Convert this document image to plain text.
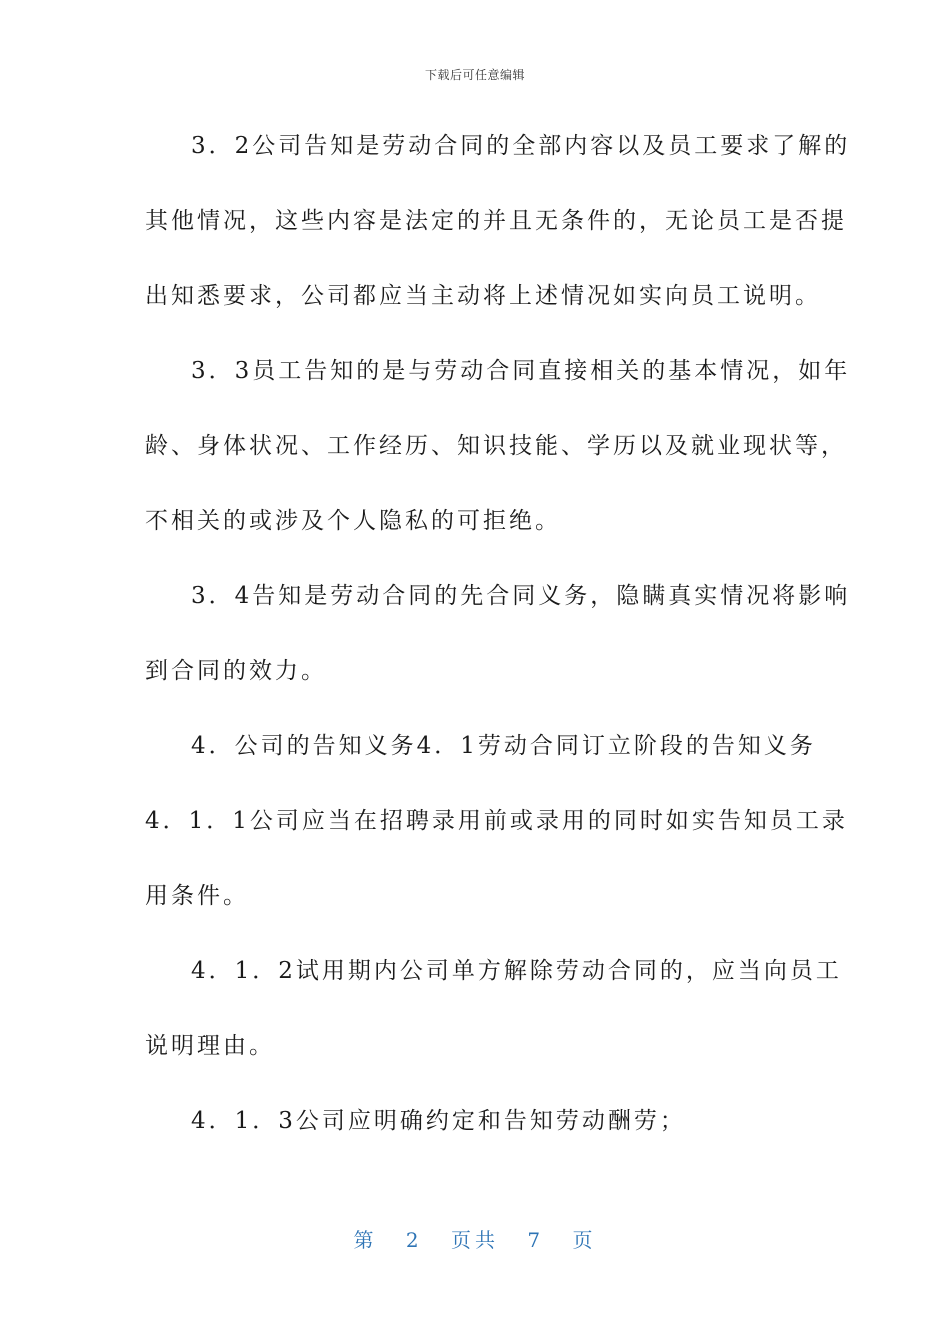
下载后可任意编辑
3．2公司告知是劳动合同的全部内容以及员工要求了解的
其他情况，这些内容是法定的并且无条件的，无论员工是否提
出知悉要求，公司都应当主动将上述情况如实向员工说明。
3．3员工告知的是与劳动合同直接相关的基本情况，如年
龄、身体状况、工作经历、知识技能、学历以及就业现状等，
不相关的或涉及个人隐私的可拒绝。
3．4告知是劳动合同的先合同义务，隐瞒真实情况将影响
到合同的效力。
4．公司的告知义务4．1劳动合同订立阶段的告知义务
4．1．1公司应当在招聘录用前或录用的同时如实告知员工录
用条件。
4．1．2试用期内公司单方解除劳动合同的，应当向员工
说明理由。
4．1．3公司应明确约定和告知劳动酬劳；
第 2 页共 7 页
